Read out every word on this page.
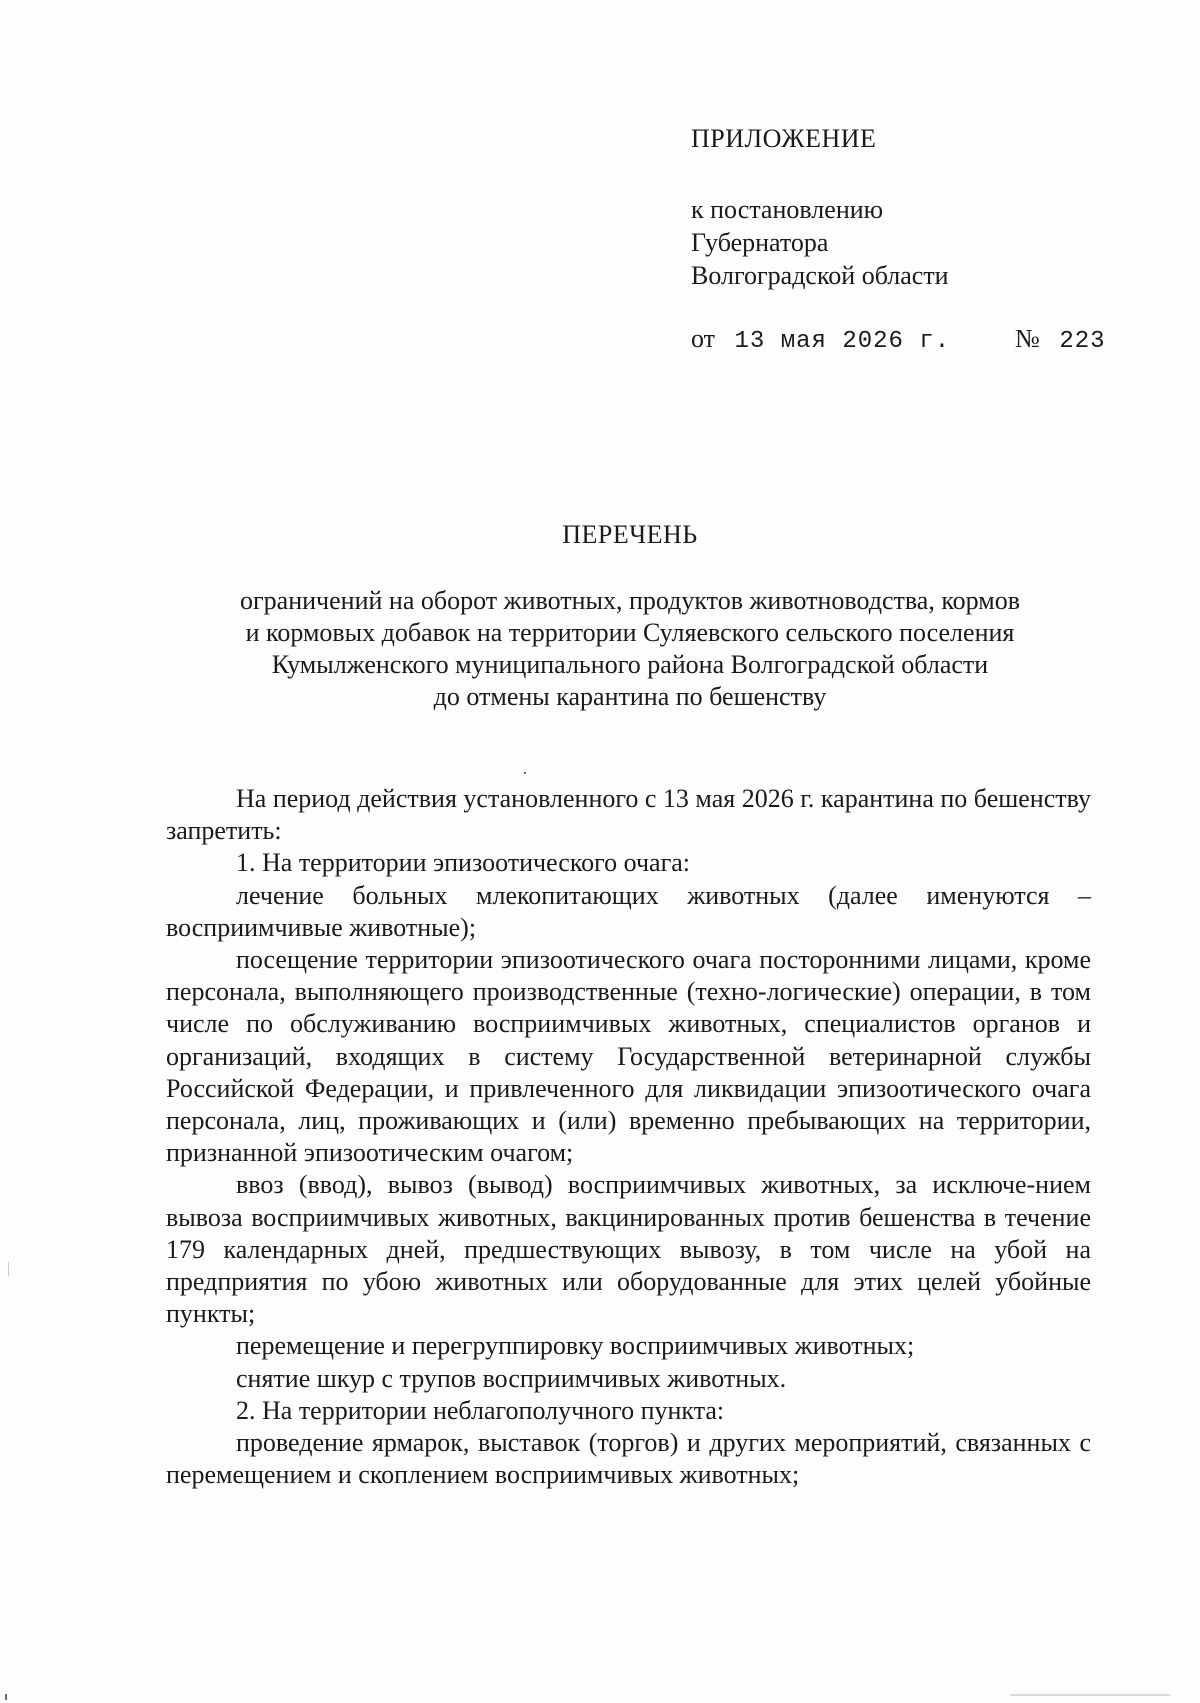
ПРИЛОЖЕНИЕ
к постановлению
Губернатора
Волгоградской области
от 13 мая 2026 г. № 223
ПЕРЕЧЕНЬ
ограничений на оборот животных, продуктов животноводства, кормов
и кормовых добавок на территории Суляевского сельского поселения
Кумылженского муниципального района Волгоградской области
до отмены карантина по бешенству

На период действия установленного с 13 мая 2026 г. карантина по бешенству запретить:

1. На территории эпизоотического очага:

лечение больных млекопитающих животных (далее именуются – восприимчивые животные);

посещение территории эпизоотического очага посторонними лицами, кроме персонала, выполняющего производственные (техно-логические) операции, в том числе по обслуживанию восприимчивых животных, специалистов органов и организаций, входящих в систему Государственной ветеринарной службы Российской Федерации, и привлеченного для ликвидации эпизоотического очага персонала, лиц, проживающих и (или) временно пребывающих на территории, признанной эпизоотическим очагом;

ввоз (ввод), вывоз (вывод) восприимчивых животных, за исключе-нием вывоза восприимчивых животных, вакцинированных против бешенства в течение 179 календарных дней, предшествующих вывозу, в том числе на убой на предприятия по убою животных или оборудованные для этих целей убойные пункты;

перемещение и перегруппировку восприимчивых животных;

снятие шкур с трупов восприимчивых животных.

2. На территории неблагополучного пункта:

проведение ярмарок, выставок (торгов) и других мероприятий, связанных с перемещением и скоплением восприимчивых животных;
